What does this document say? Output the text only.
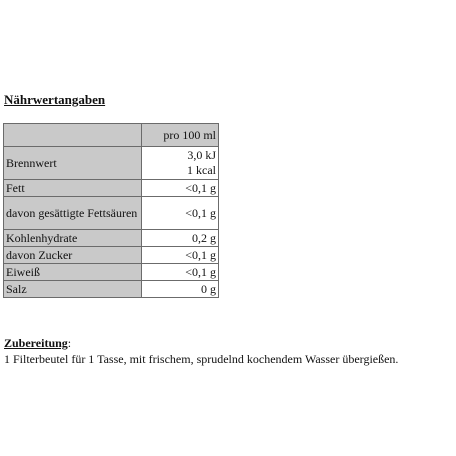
Nährwertangaben
	pro 100 ml
Brennwert	3,0 kJ
1 kcal

Fett	<0,1 g
davon gesättigte Fettsäuren	<0,1 g
Kohlenhydrate	0,2 g
davon Zucker	<0,1 g
Eiweiß	<0,1 g
Salz	0 g
Zubereitung:
1 Filterbeutel für 1 Tasse, mit frischem, sprudelnd kochendem Wasser übergießen.
